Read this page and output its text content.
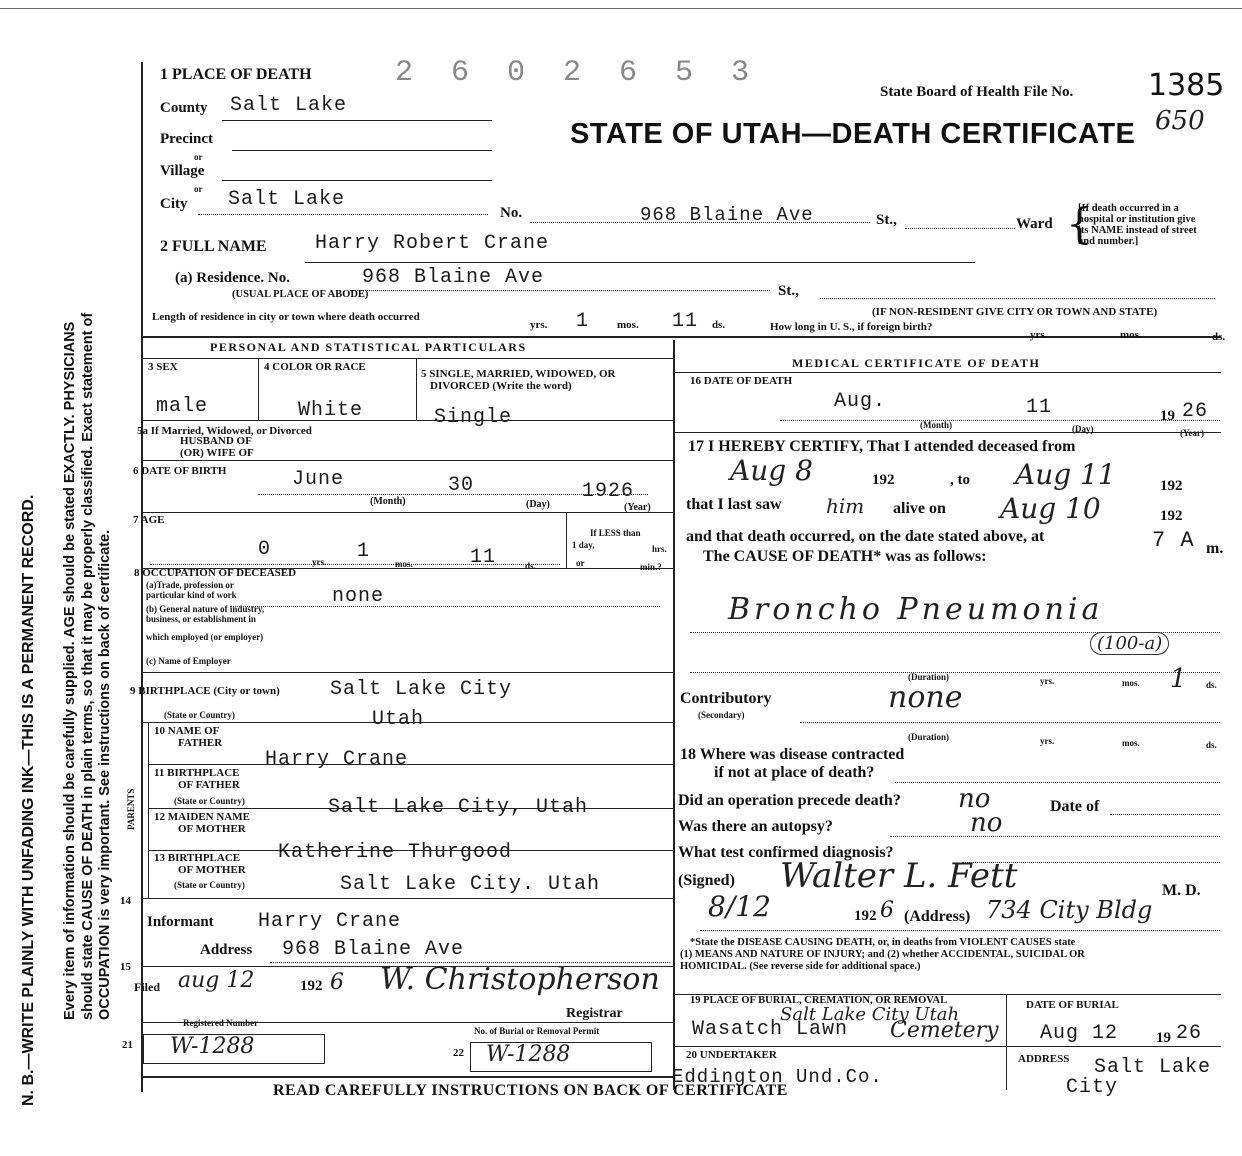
N. B.—WRITE PLAINLY WITH UNFADING INK—THIS IS A PERMANENT RECORD. Every item of information should be carefully supplied. AGE should be stated EXACTLY. PHYSICIANS should state CAUSE OF DEATH in plain terms, so that it may be properly classified. Exact statement of OCCUPATION is very important. See instructions on back of certificate.
2 6 0 2 6 5 3
1 PLACE OF DEATH
State Board of Health File No. 1385
650
STATE OF UTAH—DEATH CERTIFICATE
County Salt Lake
Precinct
or
Village
or
City Salt Lake
No.	968 Blaine Ave	St.,	Ward {
[If death occurred in a
hospital or institution give
its NAME instead of street
and number.]
2 FULL NAME Harry Robert Crane
(a) Residence. No.	968 Blaine Ave
(USUAL PLACE OF ABODE)	St.,
(IF NON-RESIDENT GIVE CITY OR TOWN AND STATE)
Length of residence in city or town where death occurred
yrs. 1	mos. 11 ds.	How long in U. S., if foreign birth?
yrs.	mos.	ds.
PERSONAL AND STATISTICAL PARTICULARS
MEDICAL CERTIFICATE OF DEATH
3 SEX
male
4 COLOR OR RACE
White
5 SINGLE, MARRIED, WIDOWED, OR
DIVORCED (Write the word)
Single
5a If Married, Widowed, or Divorced
HUSBAND OF
(OR) WIFE OF
6 DATE OF BIRTH	June	30	1926
(Month)	(Day)	(Year)
7 AGE
0
yrs. 1
mos.	11	ds.
If LESS than
1 day,	hrs.
or	min.?
8 OCCUPATION OF DECEASED
(a)Trade, profession or
particular kind of work
(b) General nature of industry,
business, or establishment in
which employed (or employer)
none
(c) Name of Employer
9 BIRTHPLACE (City or town)	Salt Lake City
(State or Country)	Utah
PARENTS
10 NAME OF
FATHER
Harry Crane
11 BIRTHPLACE
OF FATHER
(State or Country)	Salt Lake City, Utah
12 MAIDEN NAME
OF MOTHER
Katherine Thurgood
13 BIRTHPLACE
OF MOTHER
(State or Country)	Salt Lake City. Utah
14
Informant Harry Crane
Address 968 Blaine Ave
15
Filed aug 12	192 6 W. Christopherson
Registrar
Registered Number
No. of Burial or Removal Permit
21 W-1288	22 W-1288
16 DATE OF DEATH
Aug.	11	19 26
(Month)	(Day)	(Year)
17 I HEREBY CERTIFY, That I attended deceased from
Aug 8	192	, to Aug 11	192
that I last saw him alive on Aug 10	192
and that death occurred, on the date stated above, at	7 A m.
The CAUSE OF DEATH* was as follows:
Broncho Pneumonia
(100-a)
(Duration)	yrs.	mos. 1 ds.
Contributory
(Secondary)	none
(Duration)	yrs.	mos.	ds.
18 Where was disease contracted
if not at place of death?
Did an operation precede death? no	Date of
Was there an autopsy?	no
What test confirmed diagnosis?
(Signed) Walter L. Fett	M. D.
8/12	192 6 (Address) 734 City Bldg
*State the DISEASE CAUSING DEATH, or, in deaths from VIOLENT CAUSES state
(1) MEANS AND NATURE OF INJURY; and (2) whether ACCIDENTAL, SUICIDAL OR
HOMICIDAL. (See reverse side for additional space.)
19 PLACE OF BURIAL, CREMATION, OR REMOVAL
Salt Lake City Utah
Wasatch Lawn Cemetery
DATE OF BURIAL
Aug 12	19 26
20 UNDERTAKER
Eddington Und.Co.
ADDRESS Salt Lake
City
READ CAREFULLY INSTRUCTIONS ON BACK OF CERTIFICATE
